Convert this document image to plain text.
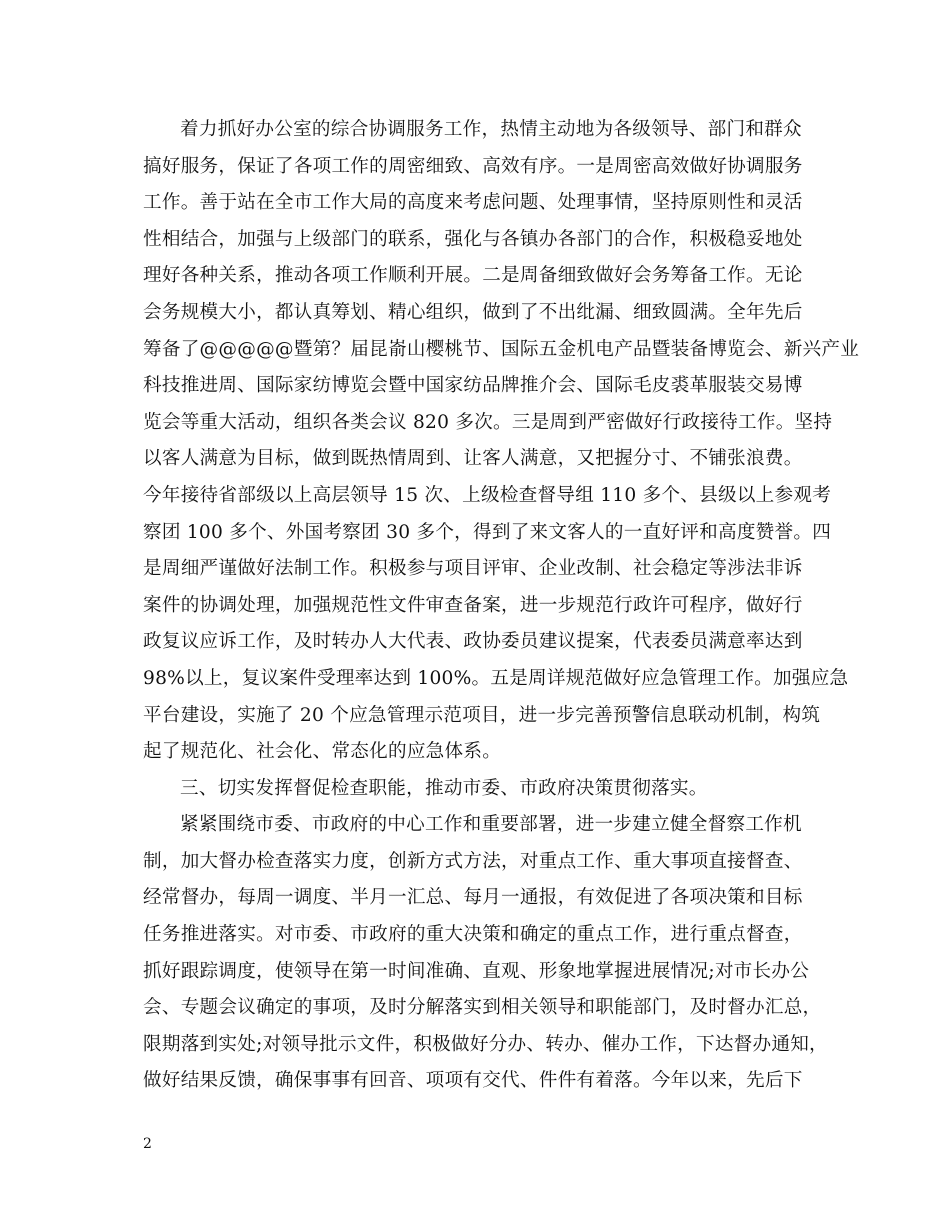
着力抓好办公室的综合协调服务工作，热情主动地为各级领导、部门和群众
搞好服务，保证了各项工作的周密细致、高效有序。一是周密高效做好协调服务
工作。善于站在全市工作大局的高度来考虑问题、处理事情，坚持原则性和灵活
性相结合，加强与上级部门的联系，强化与各镇办各部门的合作，积极稳妥地处
理好各种关系，推动各项工作顺利开展。二是周备细致做好会务筹备工作。无论
会务规模大小，都认真筹划、精心组织，做到了不出纰漏、细致圆满。全年先后
筹备了@@@@@暨第？届昆嵛山樱桃节、国际五金机电产品暨装备博览会、新兴产业
科技推进周、国际家纺博览会暨中国家纺品牌推介会、国际毛皮裘革服装交易博
览会等重大活动，组织各类会议 820 多次。三是周到严密做好行政接待工作。坚持
以客人满意为目标，做到既热情周到、让客人满意，又把握分寸、不铺张浪费。
今年接待省部级以上高层领导 15 次、上级检查督导组 110 多个、县级以上参观考
察团 100 多个、外国考察团 30 多个，得到了来文客人的一直好评和高度赞誉。四
是周细严谨做好法制工作。积极参与项目评审、企业改制、社会稳定等涉法非诉
案件的协调处理，加强规范性文件审查备案，进一步规范行政许可程序，做好行
政复议应诉工作，及时转办人大代表、政协委员建议提案，代表委员满意率达到
98%以上，复议案件受理率达到 100%。五是周详规范做好应急管理工作。加强应急
平台建设，实施了 20 个应急管理示范项目，进一步完善预警信息联动机制，构筑
起了规范化、社会化、常态化的应急体系。
三、切实发挥督促检查职能，推动市委、市政府决策贯彻落实。
紧紧围绕市委、市政府的中心工作和重要部署，进一步建立健全督察工作机
制，加大督办检查落实力度，创新方式方法，对重点工作、重大事项直接督查、
经常督办，每周一调度、半月一汇总、每月一通报，有效促进了各项决策和目标
任务推进落实。对市委、市政府的重大决策和确定的重点工作，进行重点督查，
抓好跟踪调度，使领导在第一时间准确、直观、形象地掌握进展情况;对市长办公
会、专题会议确定的事项，及时分解落实到相关领导和职能部门，及时督办汇总，
限期落到实处;对领导批示文件，积极做好分办、转办、催办工作，下达督办通知，
做好结果反馈，确保事事有回音、项项有交代、件件有着落。今年以来，先后下
2
